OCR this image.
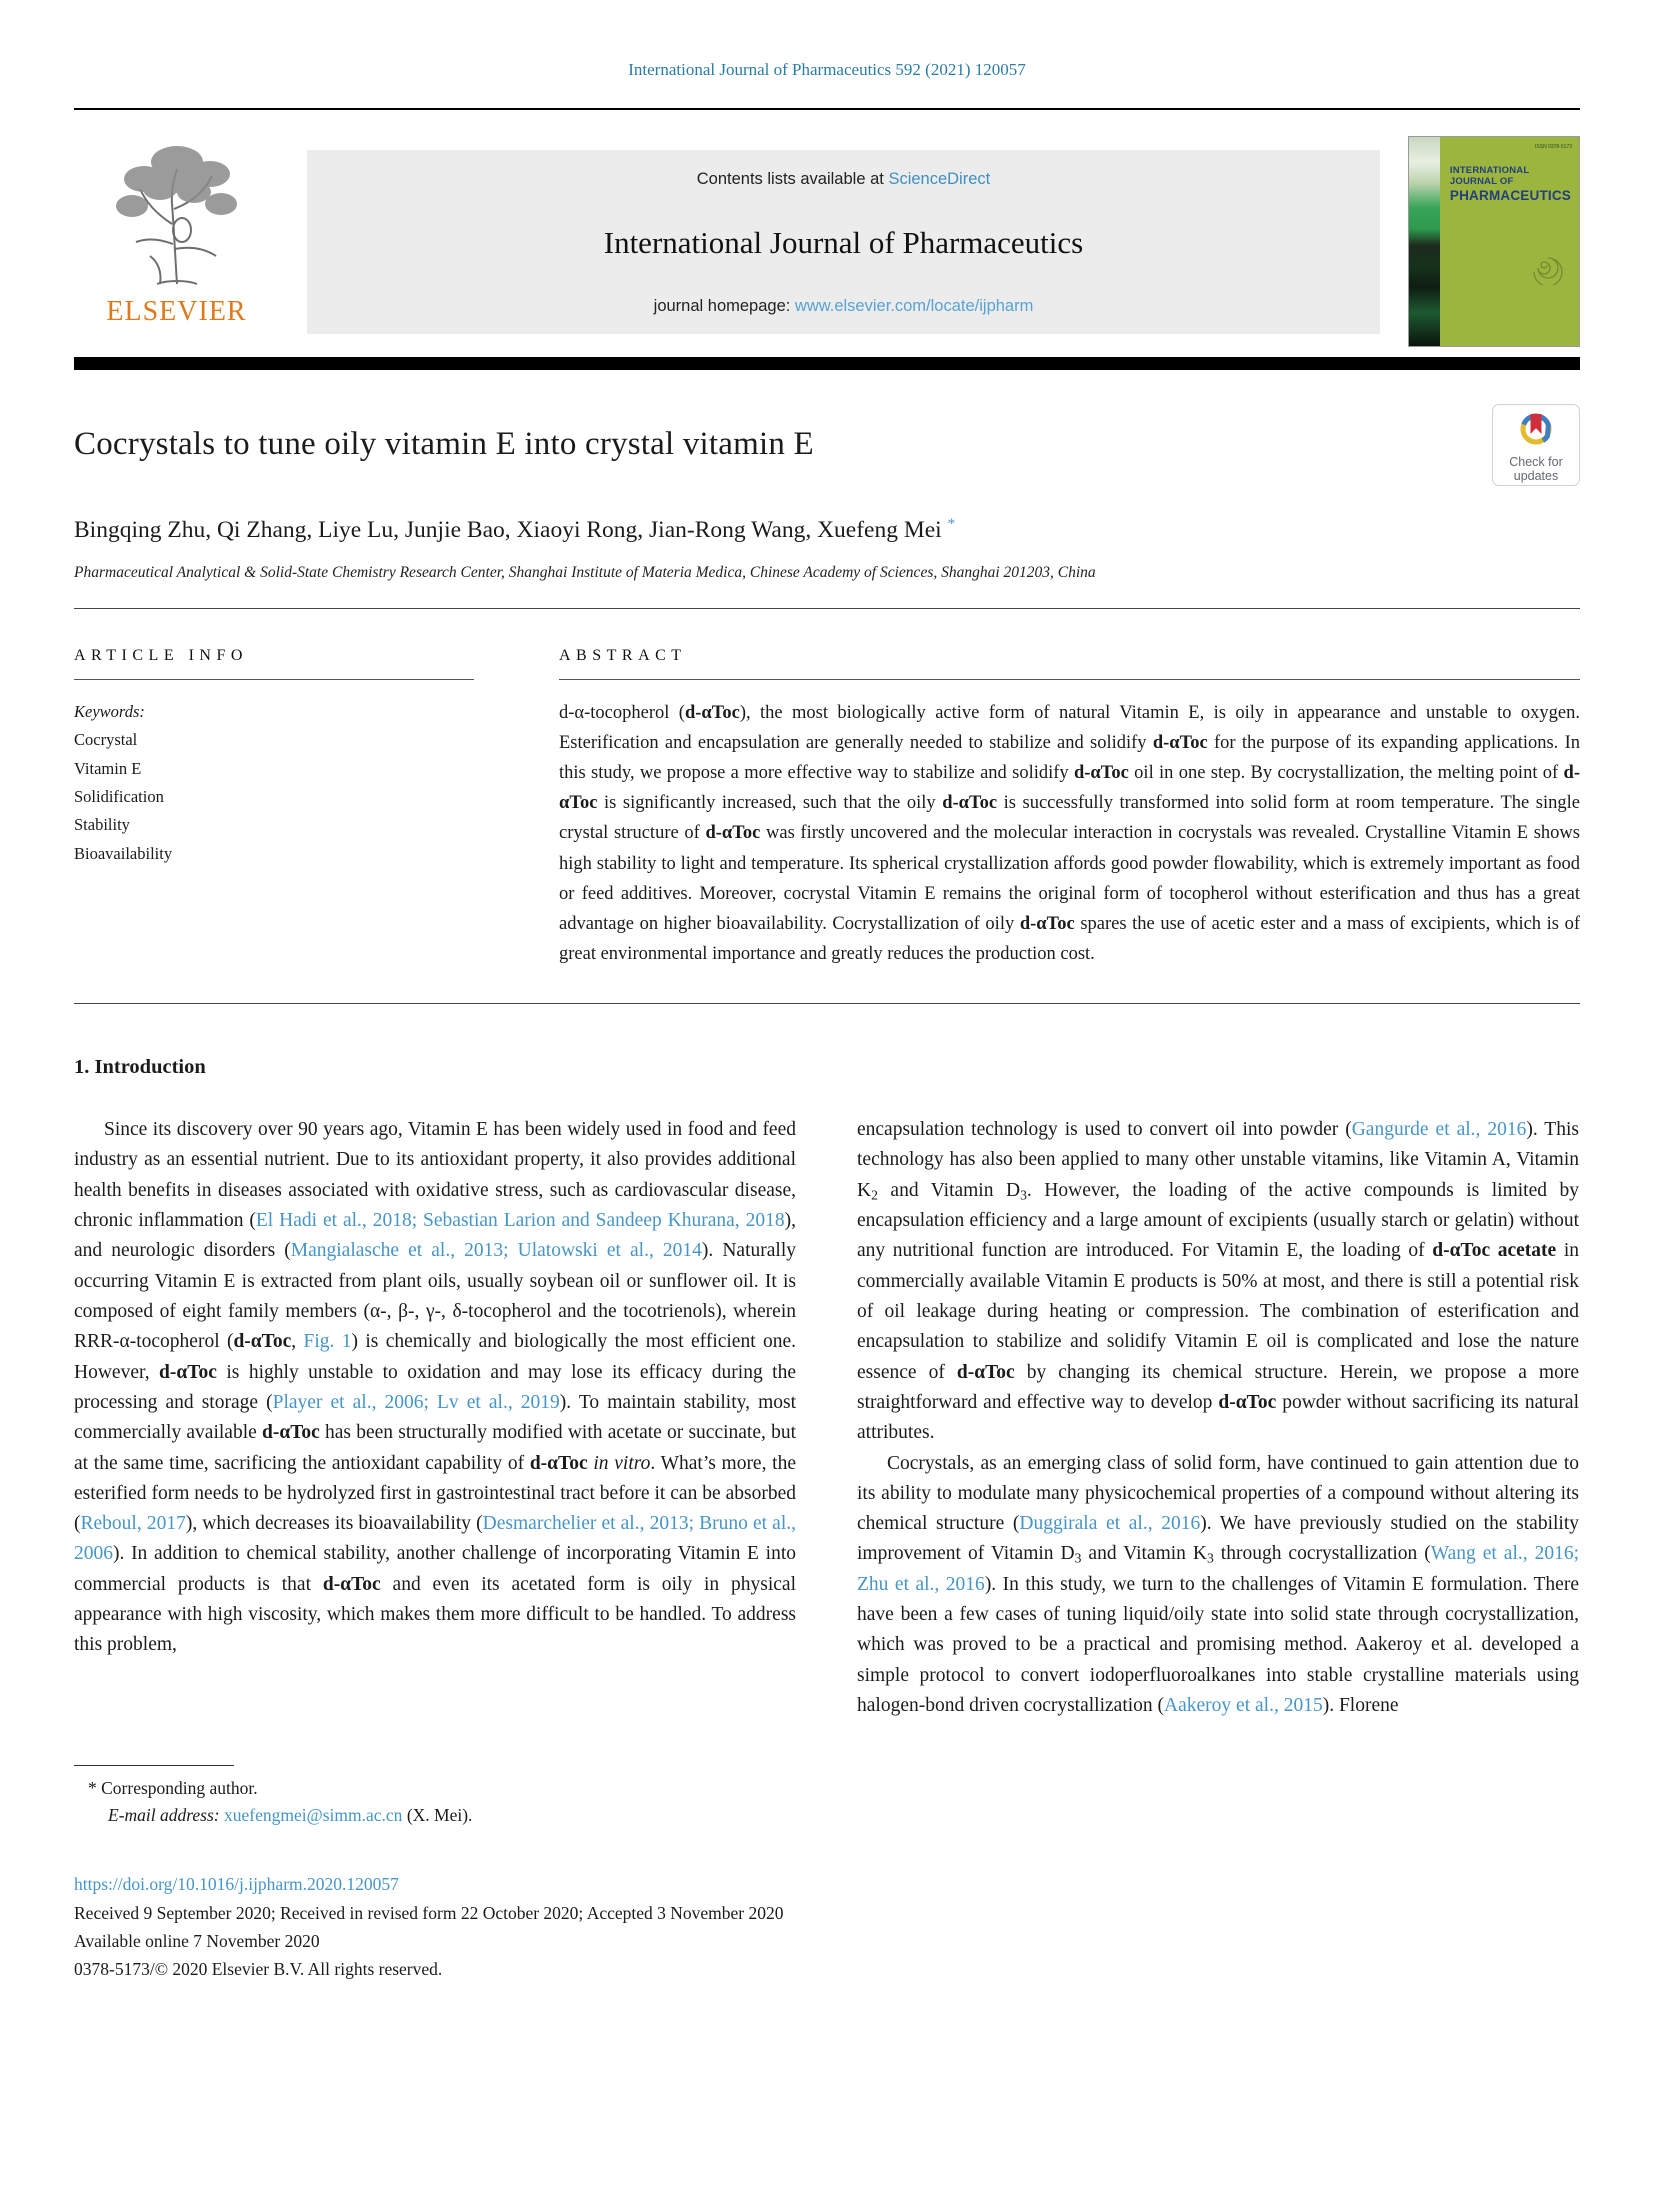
International Journal of Pharmaceutics 592 (2021) 120057
ELSEVIER
Contents lists available at ScienceDirect
International Journal of Pharmaceutics
journal homepage: www.elsevier.com/locate/ijpharm
ISSN 0378-5173
INTERNATIONAL JOURNAL OF
PHARMACEUTICS
Cocrystals to tune oily vitamin E into crystal vitamin E	Check for
updates
Bingqing Zhu, Qi Zhang, Liye Lu, Junjie Bao, Xiaoyi Rong, Jian-Rong Wang, Xuefeng Mei *
Pharmaceutical Analytical & Solid-State Chemistry Research Center, Shanghai Institute of Materia Medica, Chinese Academy of Sciences, Shanghai 201203, China
ARTICLE INFO
Keywords:
Cocrystal
Vitamin E
Solidification
Stability
Bioavailability
ABSTRACT
d-α-tocopherol (d-αToc), the most biologically active form of natural Vitamin E, is oily in appearance and unstable to oxygen. Esterification and encapsulation are generally needed to stabilize and solidify d-αToc for the purpose of its expanding applications. In this study, we propose a more effective way to stabilize and solidify d-αToc oil in one step. By cocrystallization, the melting point of d-αToc is significantly increased, such that the oily d-αToc is successfully transformed into solid form at room temperature. The single crystal structure of d-αToc was firstly uncovered and the molecular interaction in cocrystals was revealed. Crystalline Vitamin E shows high stability to light and temperature. Its spherical crystallization affords good powder flowability, which is extremely important as food or feed additives. Moreover, cocrystal Vitamin E remains the original form of tocopherol without esterification and thus has a great advantage on higher bioavailability. Cocrystallization of oily d-αToc spares the use of acetic ester and a mass of excipients, which is of great environmental importance and greatly reduces the production cost.
1. Introduction

Since its discovery over 90 years ago, Vitamin E has been widely used in food and feed industry as an essential nutrient. Due to its antioxidant property, it also provides additional health benefits in diseases associated with oxidative stress, such as cardiovascular disease, chronic inflammation (El Hadi et al., 2018; Sebastian Larion and Sandeep Khurana, 2018), and neurologic disorders (Mangialasche et al., 2013; Ulatowski et al., 2014). Naturally occurring Vitamin E is extracted from plant oils, usually soybean oil or sunflower oil. It is composed of eight family members (α-, β-, γ-, δ-tocopherol and the tocotrienols), wherein RRR-α-tocopherol (d-αToc, Fig. 1) is chemically and biologically the most efficient one. However, d-αToc is highly unstable to oxidation and may lose its efficacy during the processing and storage (Player et al., 2006; Lv et al., 2019). To maintain stability, most commercially available d-αToc has been structurally modified with acetate or succinate, but at the same time, sacrificing the antioxidant capability of d-αToc in vitro. What’s more, the esterified form needs to be hydrolyzed first in gastrointestinal tract before it can be absorbed (Reboul, 2017), which decreases its bioavailability (Desmarchelier et al., 2013; Bruno et al., 2006). In addition to chemical stability, another challenge of incorporating Vitamin E into commercial products is that d-αToc and even its acetated form is oily in physical appearance with high viscosity, which makes them more difficult to be handled. To address this problem,

encapsulation technology is used to convert oil into powder (Gangurde et al., 2016). This technology has also been applied to many other unstable vitamins, like Vitamin A, Vitamin $K_2$ and Vitamin $D_3$. However, the loading of the active compounds is limited by encapsulation efficiency and a large amount of excipients (usually starch or gelatin) without any nutritional function are introduced. For Vitamin E, the loading of d-αToc acetate in commercially available Vitamin E products is 50% at most, and there is still a potential risk of oil leakage during heating or compression. The combination of esterification and encapsulation to stabilize and solidify Vitamin E oil is complicated and lose the nature essence of d-αToc by changing its chemical structure. Herein, we propose a more straightforward and effective way to develop d-αToc powder without sacrificing its natural attributes.

Cocrystals, as an emerging class of solid form, have continued to gain attention due to its ability to modulate many physicochemical properties of a compound without altering its chemical structure (Duggirala et al., 2016). We have previously studied on the stability improvement of Vitamin $D_3$ and Vitamin $K_3$ through cocrystallization (Wang et al., 2016; Zhu et al., 2016). In this study, we turn to the challenges of Vitamin E formulation. There have been a few cases of tuning liquid/oily state into solid state through cocrystallization, which was proved to be a practical and promising method. Aakeroy et al. developed a simple protocol to convert iodoperfluoroalkanes into stable crystalline materials using halogen-bond driven cocrystallization (Aakeroy et al., 2015). Florene

* Corresponding author.
E-mail address: xuefengmei@simm.ac.cn (X. Mei).
https://doi.org/10.1016/j.ijpharm.2020.120057
Received 9 September 2020; Received in revised form 22 October 2020; Accepted 3 November 2020
Available online 7 November 2020
0378-5173/© 2020 Elsevier B.V. All rights reserved.
